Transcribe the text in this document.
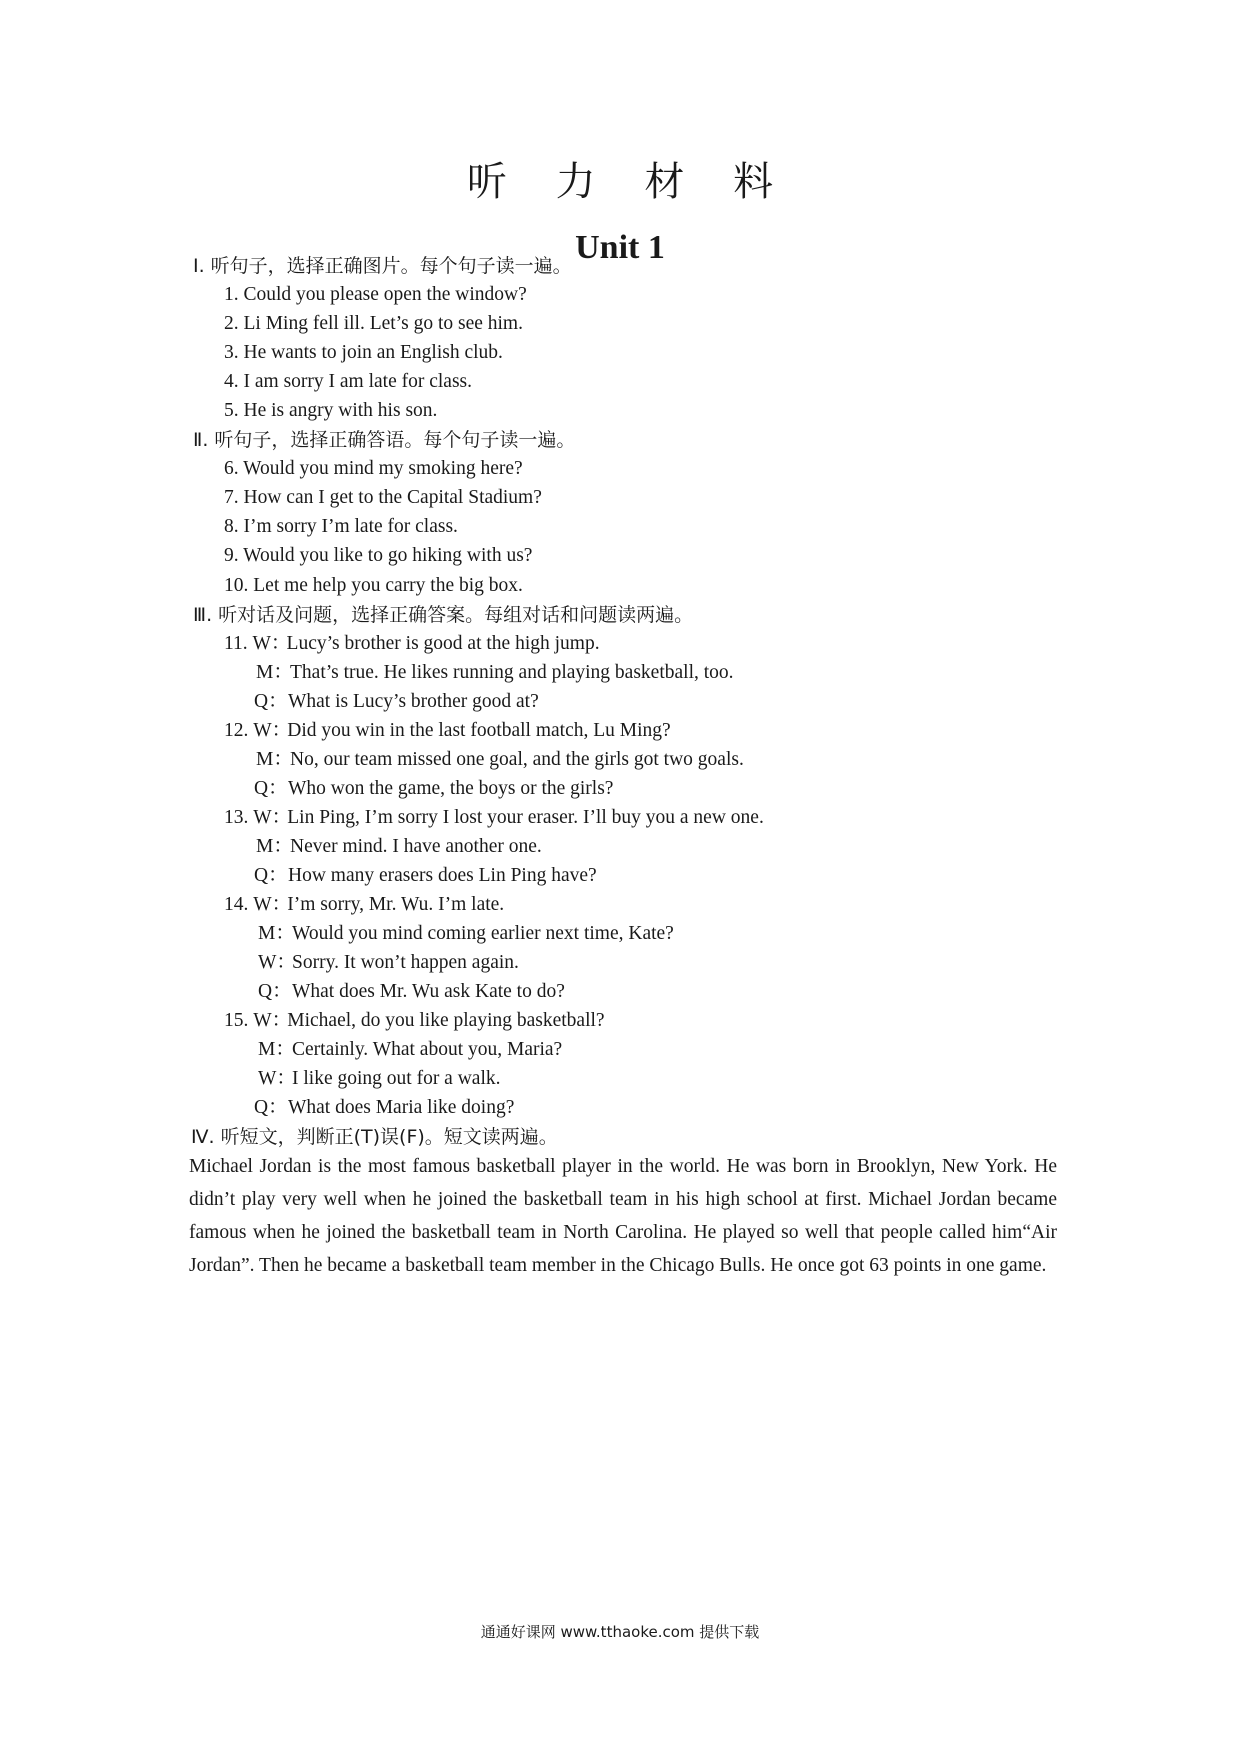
听 力 材 料
Unit 1
Ⅰ. 听句子，选择正确图片。每个句子读一遍。
1. Could you please open the window?
2. Li Ming fell ill. Let’s go to see him.
3. He wants to join an English club.
4. I am sorry I am late for class.
5. He is angry with his son.
Ⅱ. 听句子，选择正确答语。每个句子读一遍。
6. Would you mind my smoking here?
7. How can I get to the Capital Stadium?
8. I’m sorry I’m late for class.
9. Would you like to go hiking with us?
10. Let me help you carry the big box.
Ⅲ. 听对话及问题，选择正确答案。每组对话和问题读两遍。
11. W：Lucy’s brother is good at the high jump.
M：That’s true. He likes running and playing basketball, too.
Q：What is Lucy’s brother good at?
12. W：Did you win in the last football match, Lu Ming?
M：No, our team missed one goal, and the girls got two goals.
Q：Who won the game, the boys or the girls?
13. W：Lin Ping, I’m sorry I lost your eraser. I’ll buy you a new one.
M：Never mind. I have another one.
Q：How many erasers does Lin Ping have?
14. W：I’m sorry, Mr. Wu. I’m late.
M：Would you mind coming earlier next time, Kate?
W：Sorry. It won’t happen again.
Q：What does Mr. Wu ask Kate to do?
15. W：Michael, do you like playing basketball?
M：Certainly. What about you, Maria?
W：I like going out for a walk.
Q：What does Maria like doing?
Ⅳ. 听短文，判断正(T)误(F)。短文读两遍。
Michael Jordan is the most famous basketball player in the world. He was born in Brooklyn, New York. He didn’t play very well when he joined the basketball team in his high school at first. Michael Jordan became famous when he joined the basketball team in North Carolina. He played so well that people called him“Air Jordan”. Then he became a basketball team member in the Chicago Bulls. He once got 63 points in one game.
通通好课网 www.tthaoke.com 提供下载
